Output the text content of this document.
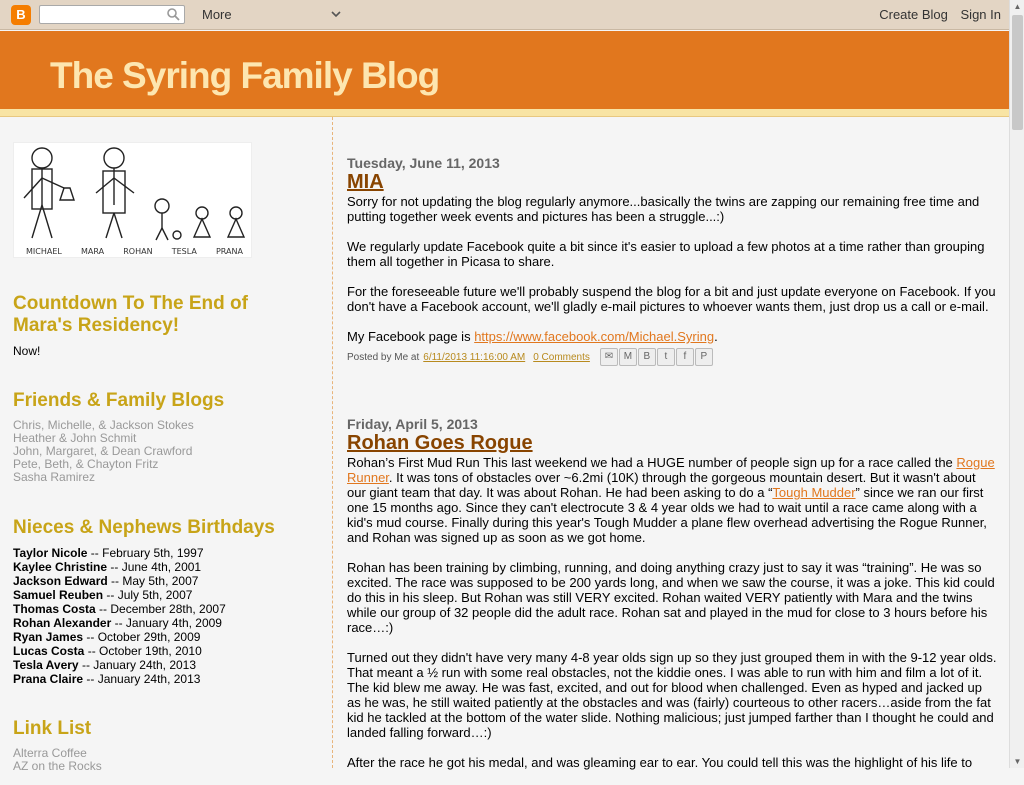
B	More	Create Blog Sign In
The Syring Family Blog
MICHAEL MARA ROHAN TESLA PRANA
Countdown To The End of Mara's Residency!
Now!
Friends & Family Blogs
Chris, Michelle, & Jackson Stokes
Heather & John Schmit
John, Margaret, & Dean Crawford
Pete, Beth, & Chayton Fritz
Sasha Ramirez
Nieces & Nephews Birthdays
Taylor Nicole -- February 5th, 1997
Kaylee Christine -- June 4th, 2001
Jackson Edward -- May 5th, 2007
Samuel Reuben -- July 5th, 2007
Thomas Costa -- December 28th, 2007
Rohan Alexander -- January 4th, 2009
Ryan James -- October 29th, 2009
Lucas Costa -- October 19th, 2010
Tesla Avery -- January 24th, 2013
Prana Claire -- January 24th, 2013
Link List
Alterra Coffee
AZ on the Rocks
Tuesday, June 11, 2013
MIA

Sorry for not updating the blog regularly anymore...basically the twins are zapping our remaining free time and putting together week events and pictures has been a struggle...:)

We regularly update Facebook quite a bit since it's easier to upload a few photos at a time rather than grouping them all together in Picasa to share.

For the foreseeable future we'll probably suspend the blog for a bit and just update everyone on Facebook. If you don't have a Facebook account, we'll gladly e-mail pictures to whoever wants them, just drop us a call or e-mail.

My Facebook page is https://www.facebook.com/Michael.Syring.

Posted by Me at 6/11/2013 11:16:00 AM 0 Comments	✉	M	B	t	f	P
Friday, April 5, 2013
Rohan Goes Rogue

Rohan’s First Mud Run This last weekend we had a HUGE number of people sign up for a race called the Rogue Runner. It was tons of obstacles over ~6.2mi (10K) through the gorgeous mountain desert. But it wasn't about our giant team that day. It was about Rohan. He had been asking to do a “Tough Mudder” since we ran our first one 15 months ago. Since they can't electrocute 3 & 4 year olds we had to wait until a race came along with a kid's mud course. Finally during this year's Tough Mudder a plane flew overhead advertising the Rogue Runner, and Rohan was signed up as soon as we got home.

Rohan has been training by climbing, running, and doing anything crazy just to say it was “training”. He was so excited. The race was supposed to be 200 yards long, and when we saw the course, it was a joke. This kid could do this in his sleep. But Rohan was still VERY excited. Rohan waited VERY patiently with Mara and the twins while our group of 32 people did the adult race. Rohan sat and played in the mud for close to 3 hours before his race…:)

Turned out they didn't have very many 4-8 year olds sign up so they just grouped them in with the 9-12 year olds. That meant a ½ run with some real obstacles, not the kiddie ones. I was able to run with him and film a lot of it. The kid blew me away. He was fast, excited, and out for blood when challenged. Even as hyped and jacked up as he was, he still waited patiently at the obstacles and was (fairly) courteous to other racers…aside from the fat kid he tackled at the bottom of the water slide. Nothing malicious; just jumped farther than I thought he could and landed falling forward…:)

After the race he got his medal, and was gleaming ear to ear. You could tell this was the highlight of his life to

▲
▼
